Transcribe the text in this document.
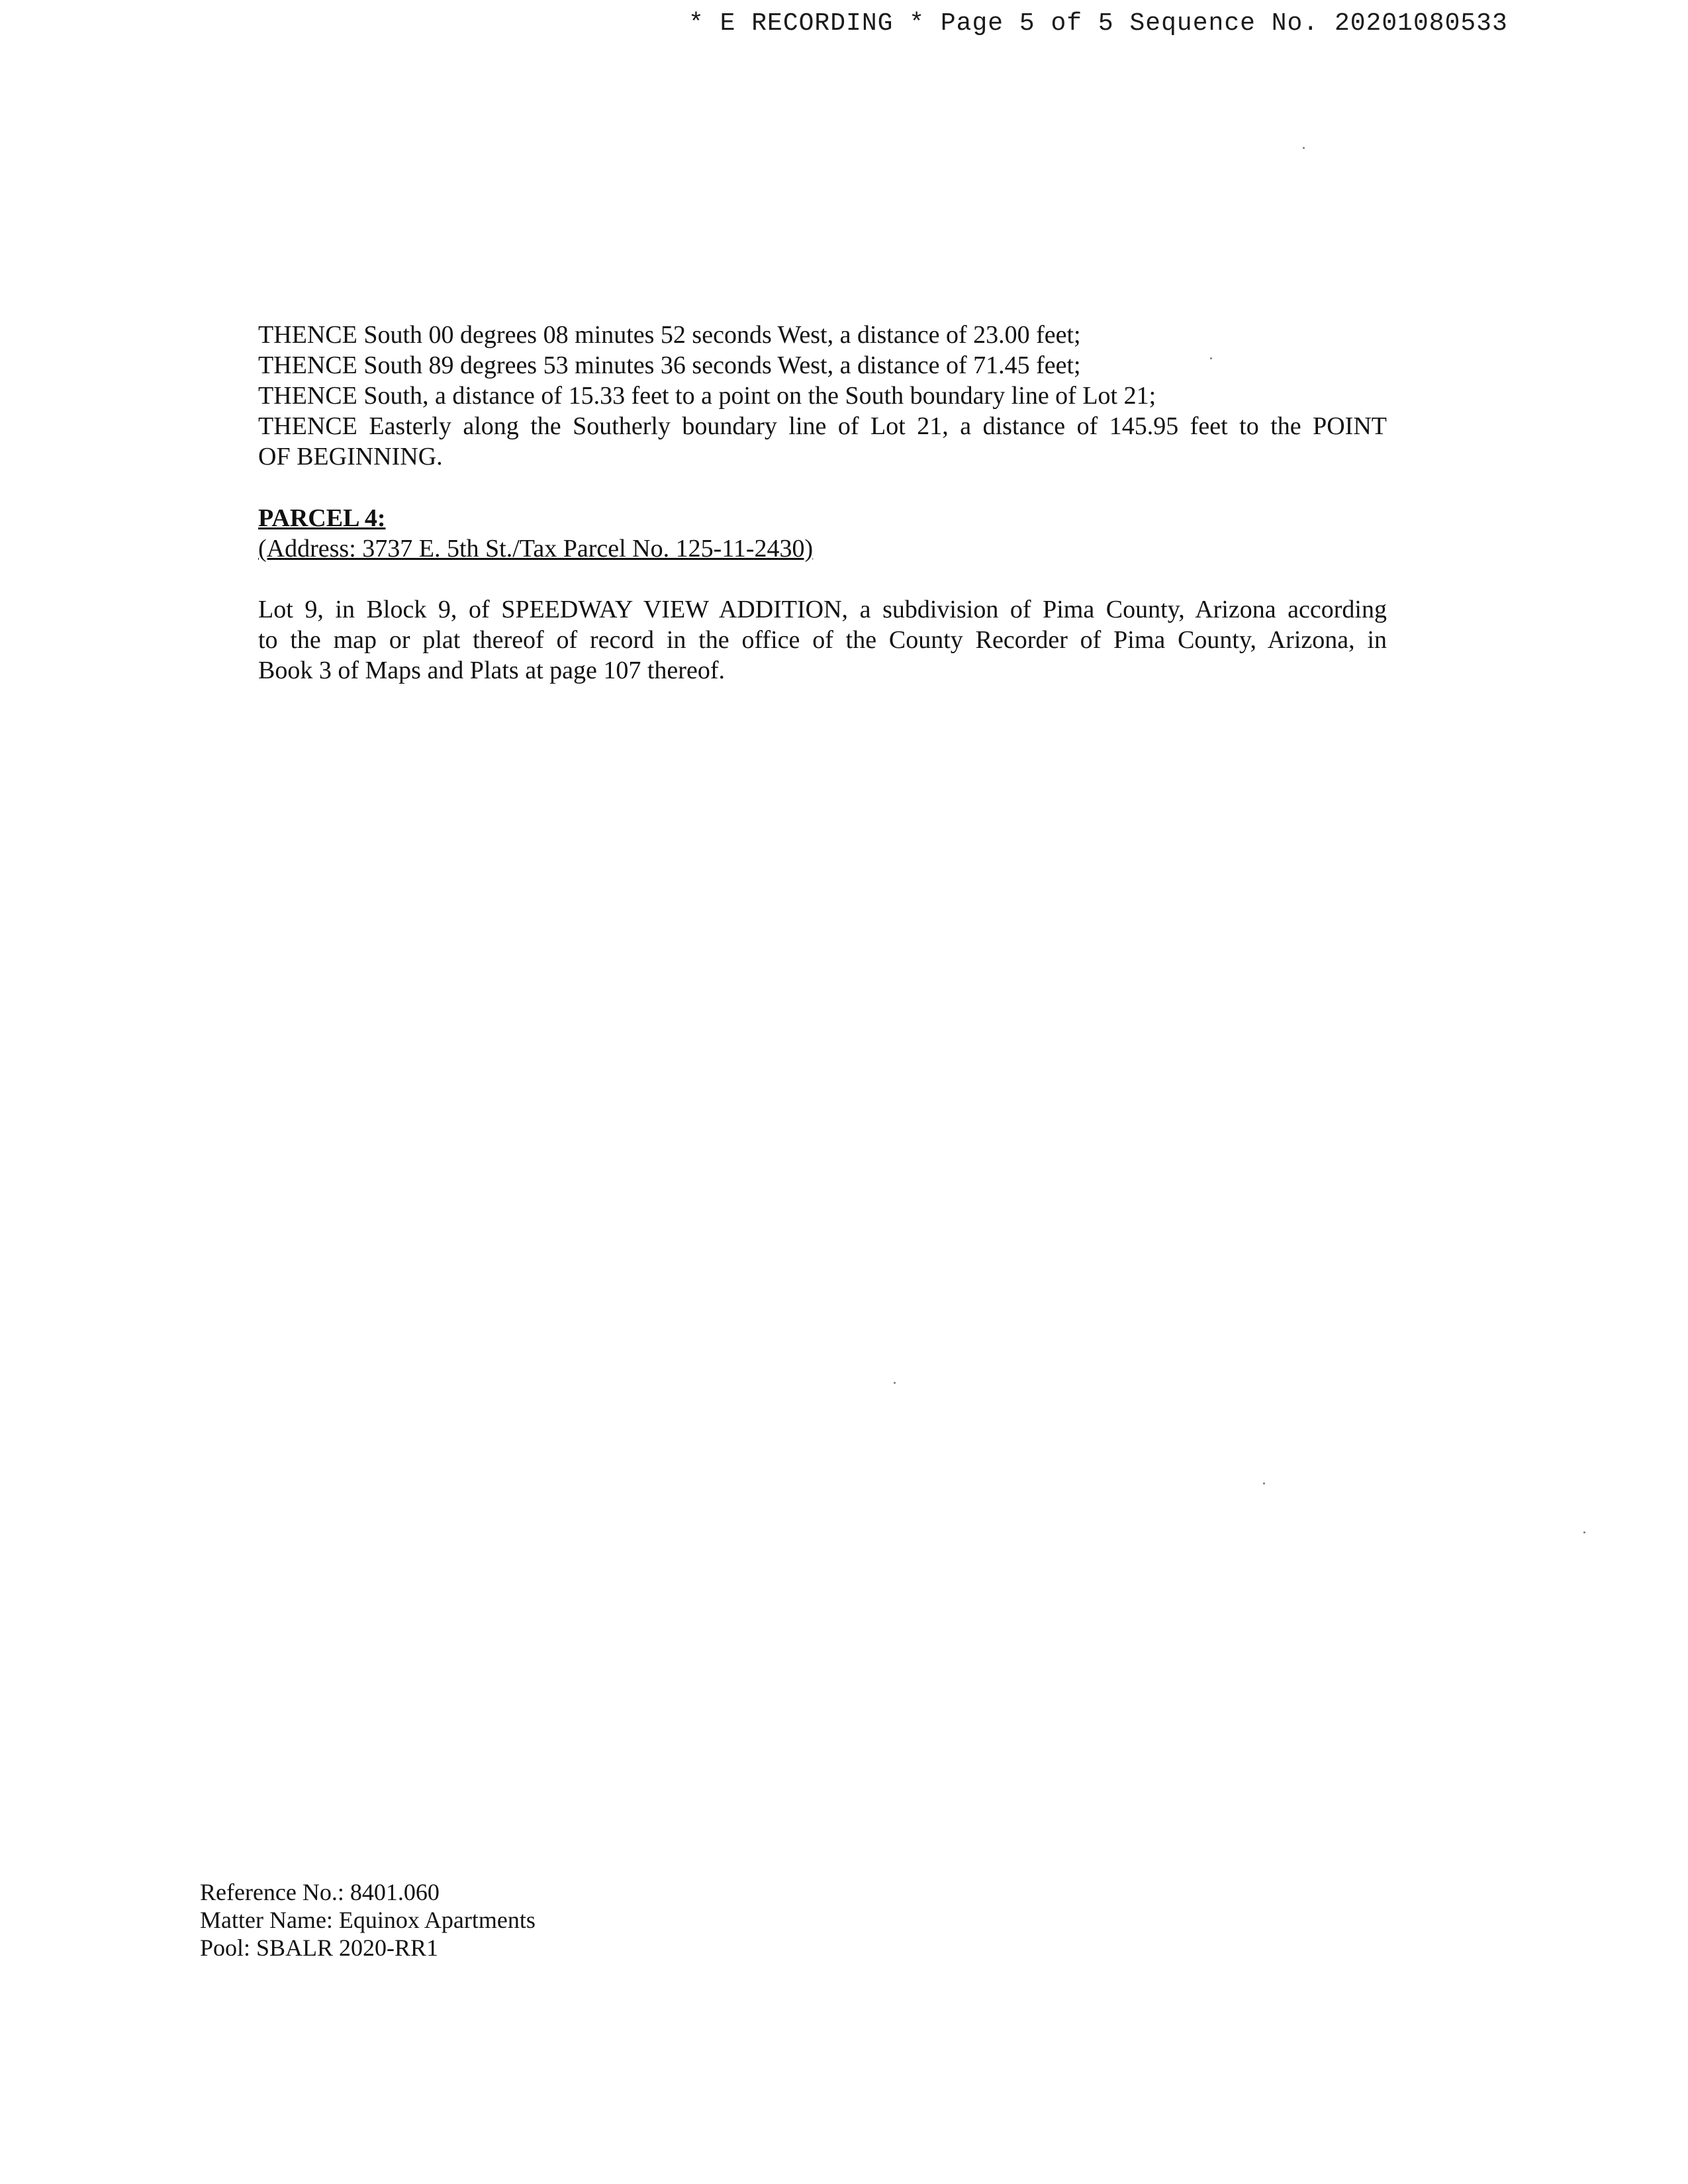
* E RECORDING * Page 5 of 5 Sequence No. 20201080533
THENCE South 00 degrees 08 minutes 52 seconds West, a distance of 23.00 feet;
THENCE South 89 degrees 53 minutes 36 seconds West, a distance of 71.45 feet;
THENCE South, a distance of 15.33 feet to a point on the South boundary line of Lot 21;
THENCE Easterly along the Southerly boundary line of Lot 21, a distance of 145.95 feet to the POINT
OF BEGINNING.
PARCEL 4:
(Address: 3737 E. 5th St./Tax Parcel No. 125-11-2430)
Lot 9, in Block 9, of SPEEDWAY VIEW ADDITION, a subdivision of Pima County, Arizona according
to the map or plat thereof of record in the office of the County Recorder of Pima County, Arizona, in
Book 3 of Maps and Plats at page 107 thereof.
Reference No.: 8401.060
Matter Name: Equinox Apartments
Pool: SBALR 2020-RR1
